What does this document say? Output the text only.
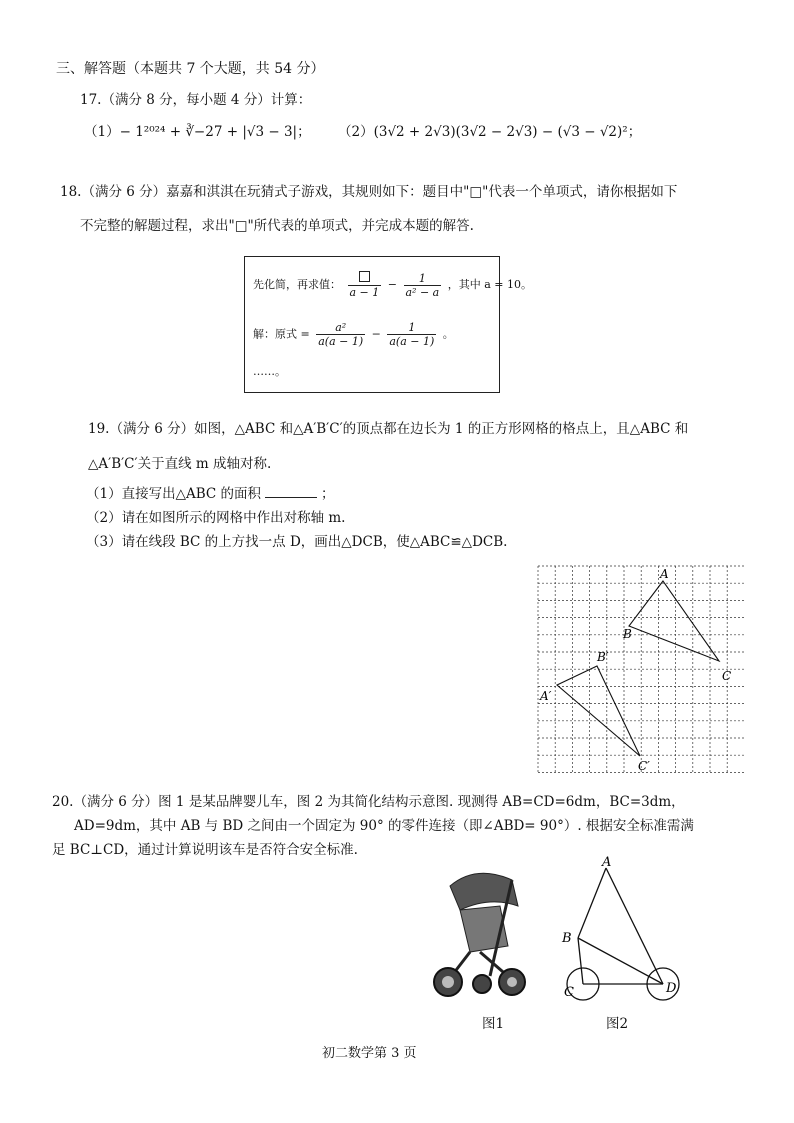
三、解答题（本题共 7 个大题，共 54 分）
17.（满分 8 分，每小题 4 分）计算：
（1）− 1²⁰²⁴ + ∛−27 + |√3 − 3|； （2）(3√2 + 2√3)(3√2 − 2√3) − (√3 − √2)²；
18.（满分 6 分）嘉嘉和淇淇在玩猜式子游戏，其规则如下：题目中"□"代表一个单项式，请你根据如下
不完整的解题过程，求出"□"所代表的单项式，并完成本题的解答.
先化简，再求值：
a − 1
− $\frac{1}{\text{a² − a}}$ ，其中 a = 10。
解：原式 = $\frac{\text{a²}}{a(a - 1)} - \frac{1}{a(a - 1)}$ 。
……。
19.（满分 6 分）如图，△ABC 和△A′B′C′的顶点都在边长为 1 的正方形网格的格点上，且△ABC 和
△A′B′C′关于直线 m 成轴对称.
（1）直接写出△ABC 的面积	；
（2）请在如图所示的网格中作出对称轴 m.
（3）请在线段 BC 的上方找一点 D，画出△DCB，使△ABC≌△DCB.
A
B
C
A′
B′
C′
20.（满分 6 分）图 1 是某品牌婴儿车，图 2 为其简化结构示意图. 现测得 AB=CD=6dm，BC=3dm，
AD=9dm，其中 AB 与 BD 之间由一个固定为 90° 的零件连接（即∠ABD= 90°）. 根据安全标准需满
足 BC⊥CD，通过计算说明该车是否符合安全标准.
图1
A
B
C	D
图2
初二数学第 3 页
